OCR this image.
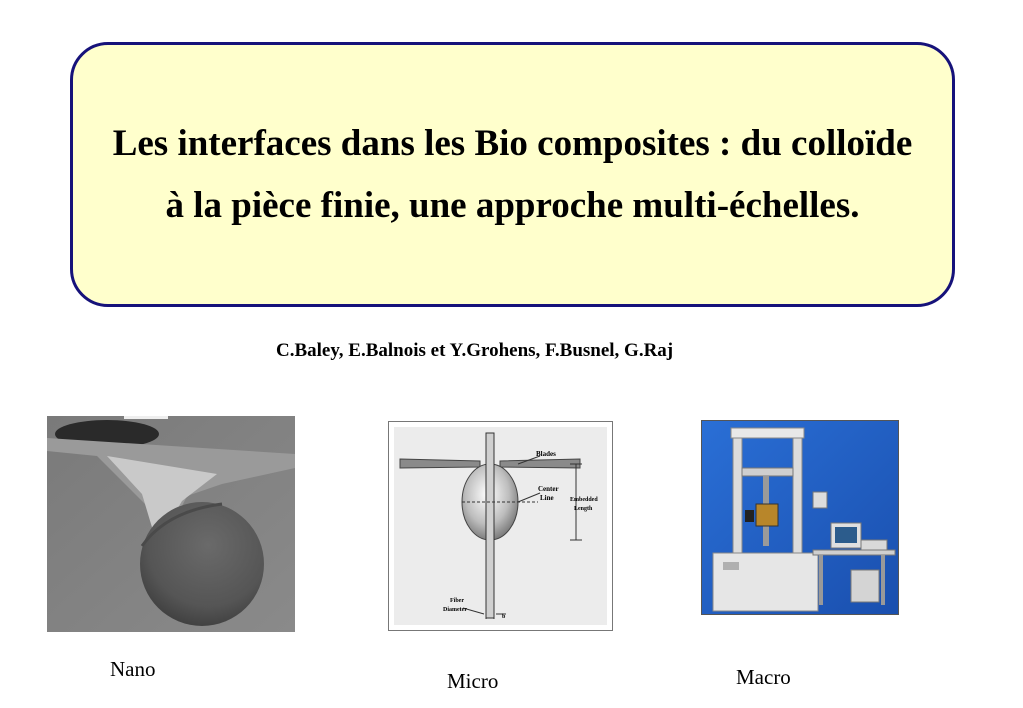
Les interfaces dans les Bio composites : du colloïde à la pièce finie, une approche multi-échelles.

C.Baley, E.Balnois et Y.Grohens, F.Busnel, G.Raj
Blades
Center
Line	Embedded
Length
Fiber
Diameter
b
Nano	Micro	Macro
